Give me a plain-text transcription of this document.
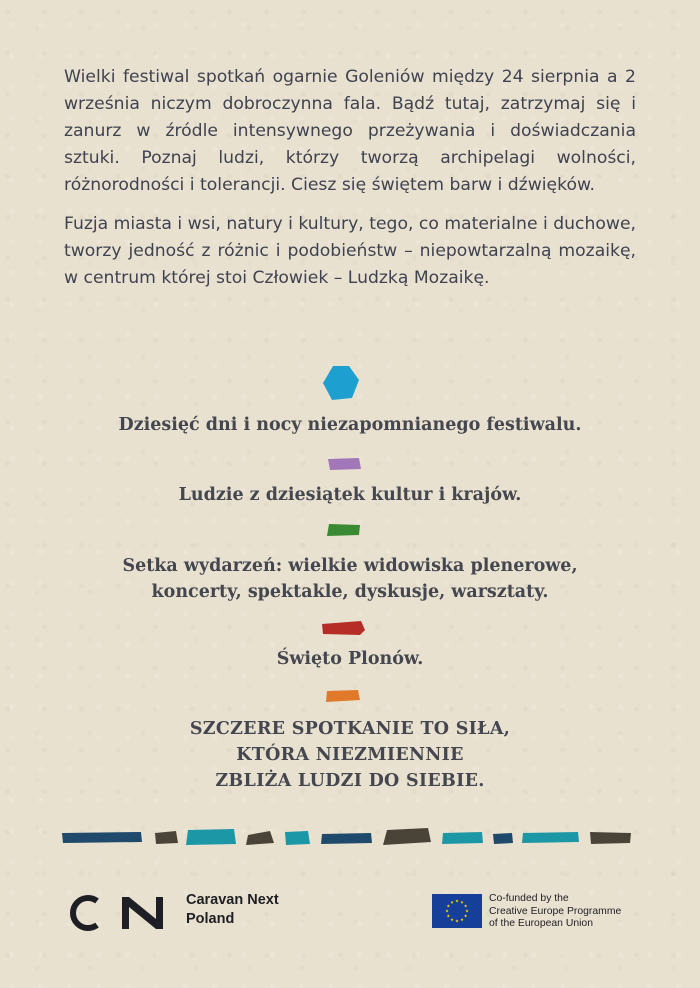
Wielki festiwal spotkań ogarnie Goleniów między 24 sierpnia a 2 września niczym dobroczynna fala. Bądź tutaj, zatrzymaj się i zanurz w źródle intensywnego przeżywania i doświadczania sztuki. Poznaj ludzi, którzy tworzą archipelagi wolności, różnorodności i tolerancji. Ciesz się świętem barw i dźwięków.

Fuzja miasta i wsi, natury i kultury, tego, co materialne i duchowe, tworzy jedność z różnic i podobieństw – niepowtarzalną mozaikę, w centrum której stoi Człowiek – Ludzką Mozaikę.

Dziesięć dni i nocy niezapomnianego festiwalu.
Ludzie z dziesiątek kultur i krajów.
Setka wydarzeń: wielkie widowiska plenerowe,
koncerty, spektakle, dyskusje, warsztaty.
Święto Plonów.
SZCZERE SPOTKANIE TO SIŁA,
KTÓRA NIEZMIENNIE
ZBLIŻA LUDZI DO SIEBIE.
Caravan Next
Poland
Co-funded by the
Creative Europe Programme
of the European Union
